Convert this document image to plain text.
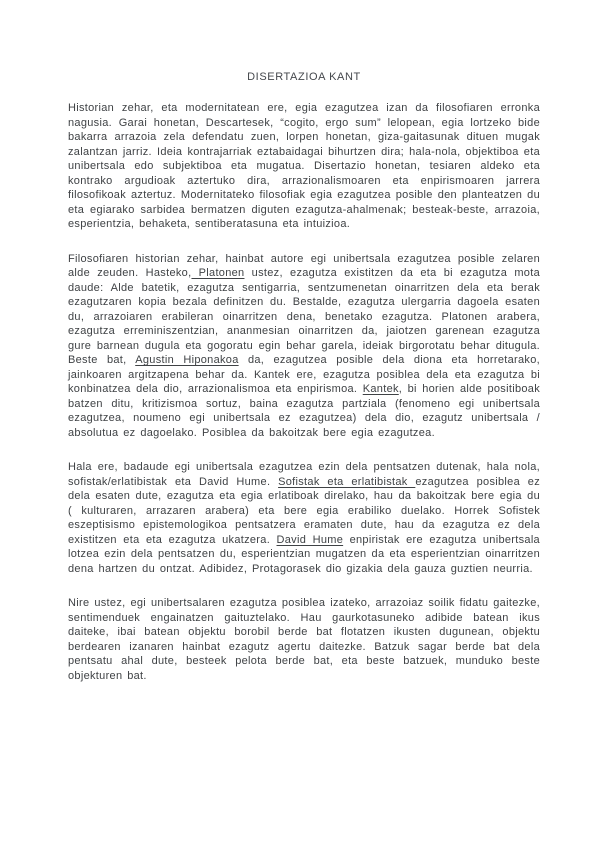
DISERTAZIOA KANT

Historian zehar, eta modernitatean ere, egia ezagutzea izan da filosofiaren erronka nagusia. Garai honetan, Descartesek, “cogito, ergo sum” lelopean, egia lortzeko bide bakarra arrazoia zela defendatu zuen, lorpen honetan, giza-gaitasunak dituen mugak zalantzan jarriz. Ideia kontrajarriak eztabaidagai bihurtzen dira; hala-nola, objektiboa eta unibertsala edo subjektiboa eta mugatua. Disertazio honetan, tesiaren aldeko eta kontrako argudioak aztertuko dira, arrazionalismoaren eta enpirismoaren jarrera filosofikoak aztertuz. Modernitateko filosofiak egia ezagutzea posible den planteatzen du eta egiarako sarbidea bermatzen diguten ezagutza-ahalmenak; besteak-beste, arrazoia, esperientzia, behaketa, sentiberatasuna eta intuizioa.

Filosofiaren historian zehar, hainbat autore egi unibertsala ezagutzea posible zelaren alde zeuden. Hasteko, Platonen ustez, ezagutza existitzen da eta bi ezagutza mota daude: Alde batetik, ezagutza sentigarria, sentzumenetan oinarritzen dela eta berak ezagutzaren kopia bezala definitzen du. Bestalde, ezagutza ulergarria dagoela esaten du, arrazoiaren erabileran oinarritzen dena, benetako ezagutza. Platonen arabera, ezagutza erreminiszentzian, ananmesian oinarritzen da, jaiotzen garenean ezagutza gure barnean dugula eta gogoratu egin behar garela, ideiak birgorotatu behar ditugula. Beste bat, Agustin Hiponakoa da, ezagutzea posible dela diona eta horretarako, jainkoaren argitzapena behar da. Kantek ere, ezagutza posiblea dela eta ezagutza bi konbinatzea dela dio, arrazionalismoa eta enpirismoa. Kantek, bi horien alde positiboak batzen ditu, kritizismoa sortuz, baina ezagutza partziala (fenomeno egi unibertsala ezagutzea, noumeno egi unibertsala ez ezagutzea) dela dio, ezagutz unibertsala / absolutua ez dagoelako. Posiblea da bakoitzak bere egia ezagutzea.

Hala ere, badaude egi unibertsala ezagutzea ezin dela pentsatzen dutenak, hala nola, sofistak/erlatibistak eta David Hume. Sofistak eta erlatibistak ezagutzea posiblea ez dela esaten dute, ezagutza eta egia erlatiboak direlako, hau da bakoitzak bere egia du ( kulturaren, arrazaren arabera) eta bere egia erabiliko duelako. Horrek Sofistek eszeptisismo epistemologikoa pentsatzera eramaten dute, hau da ezagutza ez dela existitzen eta eta ezagutza ukatzera. David Hume enpiristak ere ezagutza unibertsala lotzea ezin dela pentsatzen du, esperientzian mugatzen da eta esperientzian oinarritzen dena hartzen du ontzat. Adibidez, Protagorasek dio gizakia dela gauza guztien neurria.

Nire ustez, egi unibertsalaren ezagutza posiblea izateko, arrazoiaz soilik fidatu gaitezke, sentimenduek engainatzen gaituztelako. Hau gaurkotasuneko adibide batean ikus daiteke, ibai batean objektu borobil berde bat flotatzen ikusten dugunean, objektu berdearen izanaren hainbat ezagutz agertu daitezke. Batzuk sagar berde bat dela pentsatu ahal dute, besteek pelota berde bat, eta beste batzuek, munduko beste objekturen bat.
